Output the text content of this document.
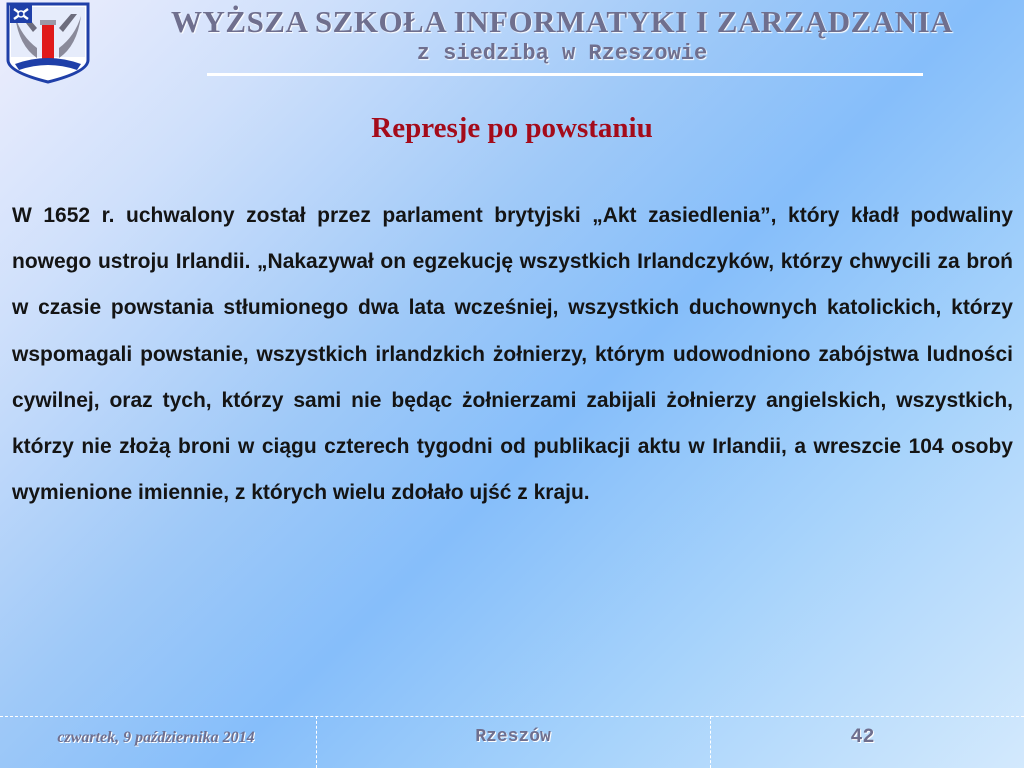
WYŻSZA SZKOŁA INFORMATYKI I ZARZĄDZANIA
z siedzibą w Rzeszowie
Represje po powstaniu
W 1652 r. uchwalony został przez parlament brytyjski „Akt zasiedlenia”, który kładł podwaliny nowego ustroju Irlandii. „Nakazywał on egzekucję wszystkich Irlandczyków, którzy chwycili za broń w czasie powstania stłumionego dwa lata wcześniej, wszystkich duchownych katolickich, którzy wspomagali powstanie, wszystkich irlandzkich żołnierzy, którym udowodniono zabójstwa ludności cywilnej, oraz tych, którzy sami nie będąc żołnierzami zabijali żołnierzy angielskich, wszystkich, którzy nie złożą broni w ciągu czterech tygodni od publikacji aktu w Irlandii, a wreszcie 104 osoby wymienione imiennie, z których wielu zdołało ujść z kraju.
czwartek, 9 października 2014	Rzeszów	42
